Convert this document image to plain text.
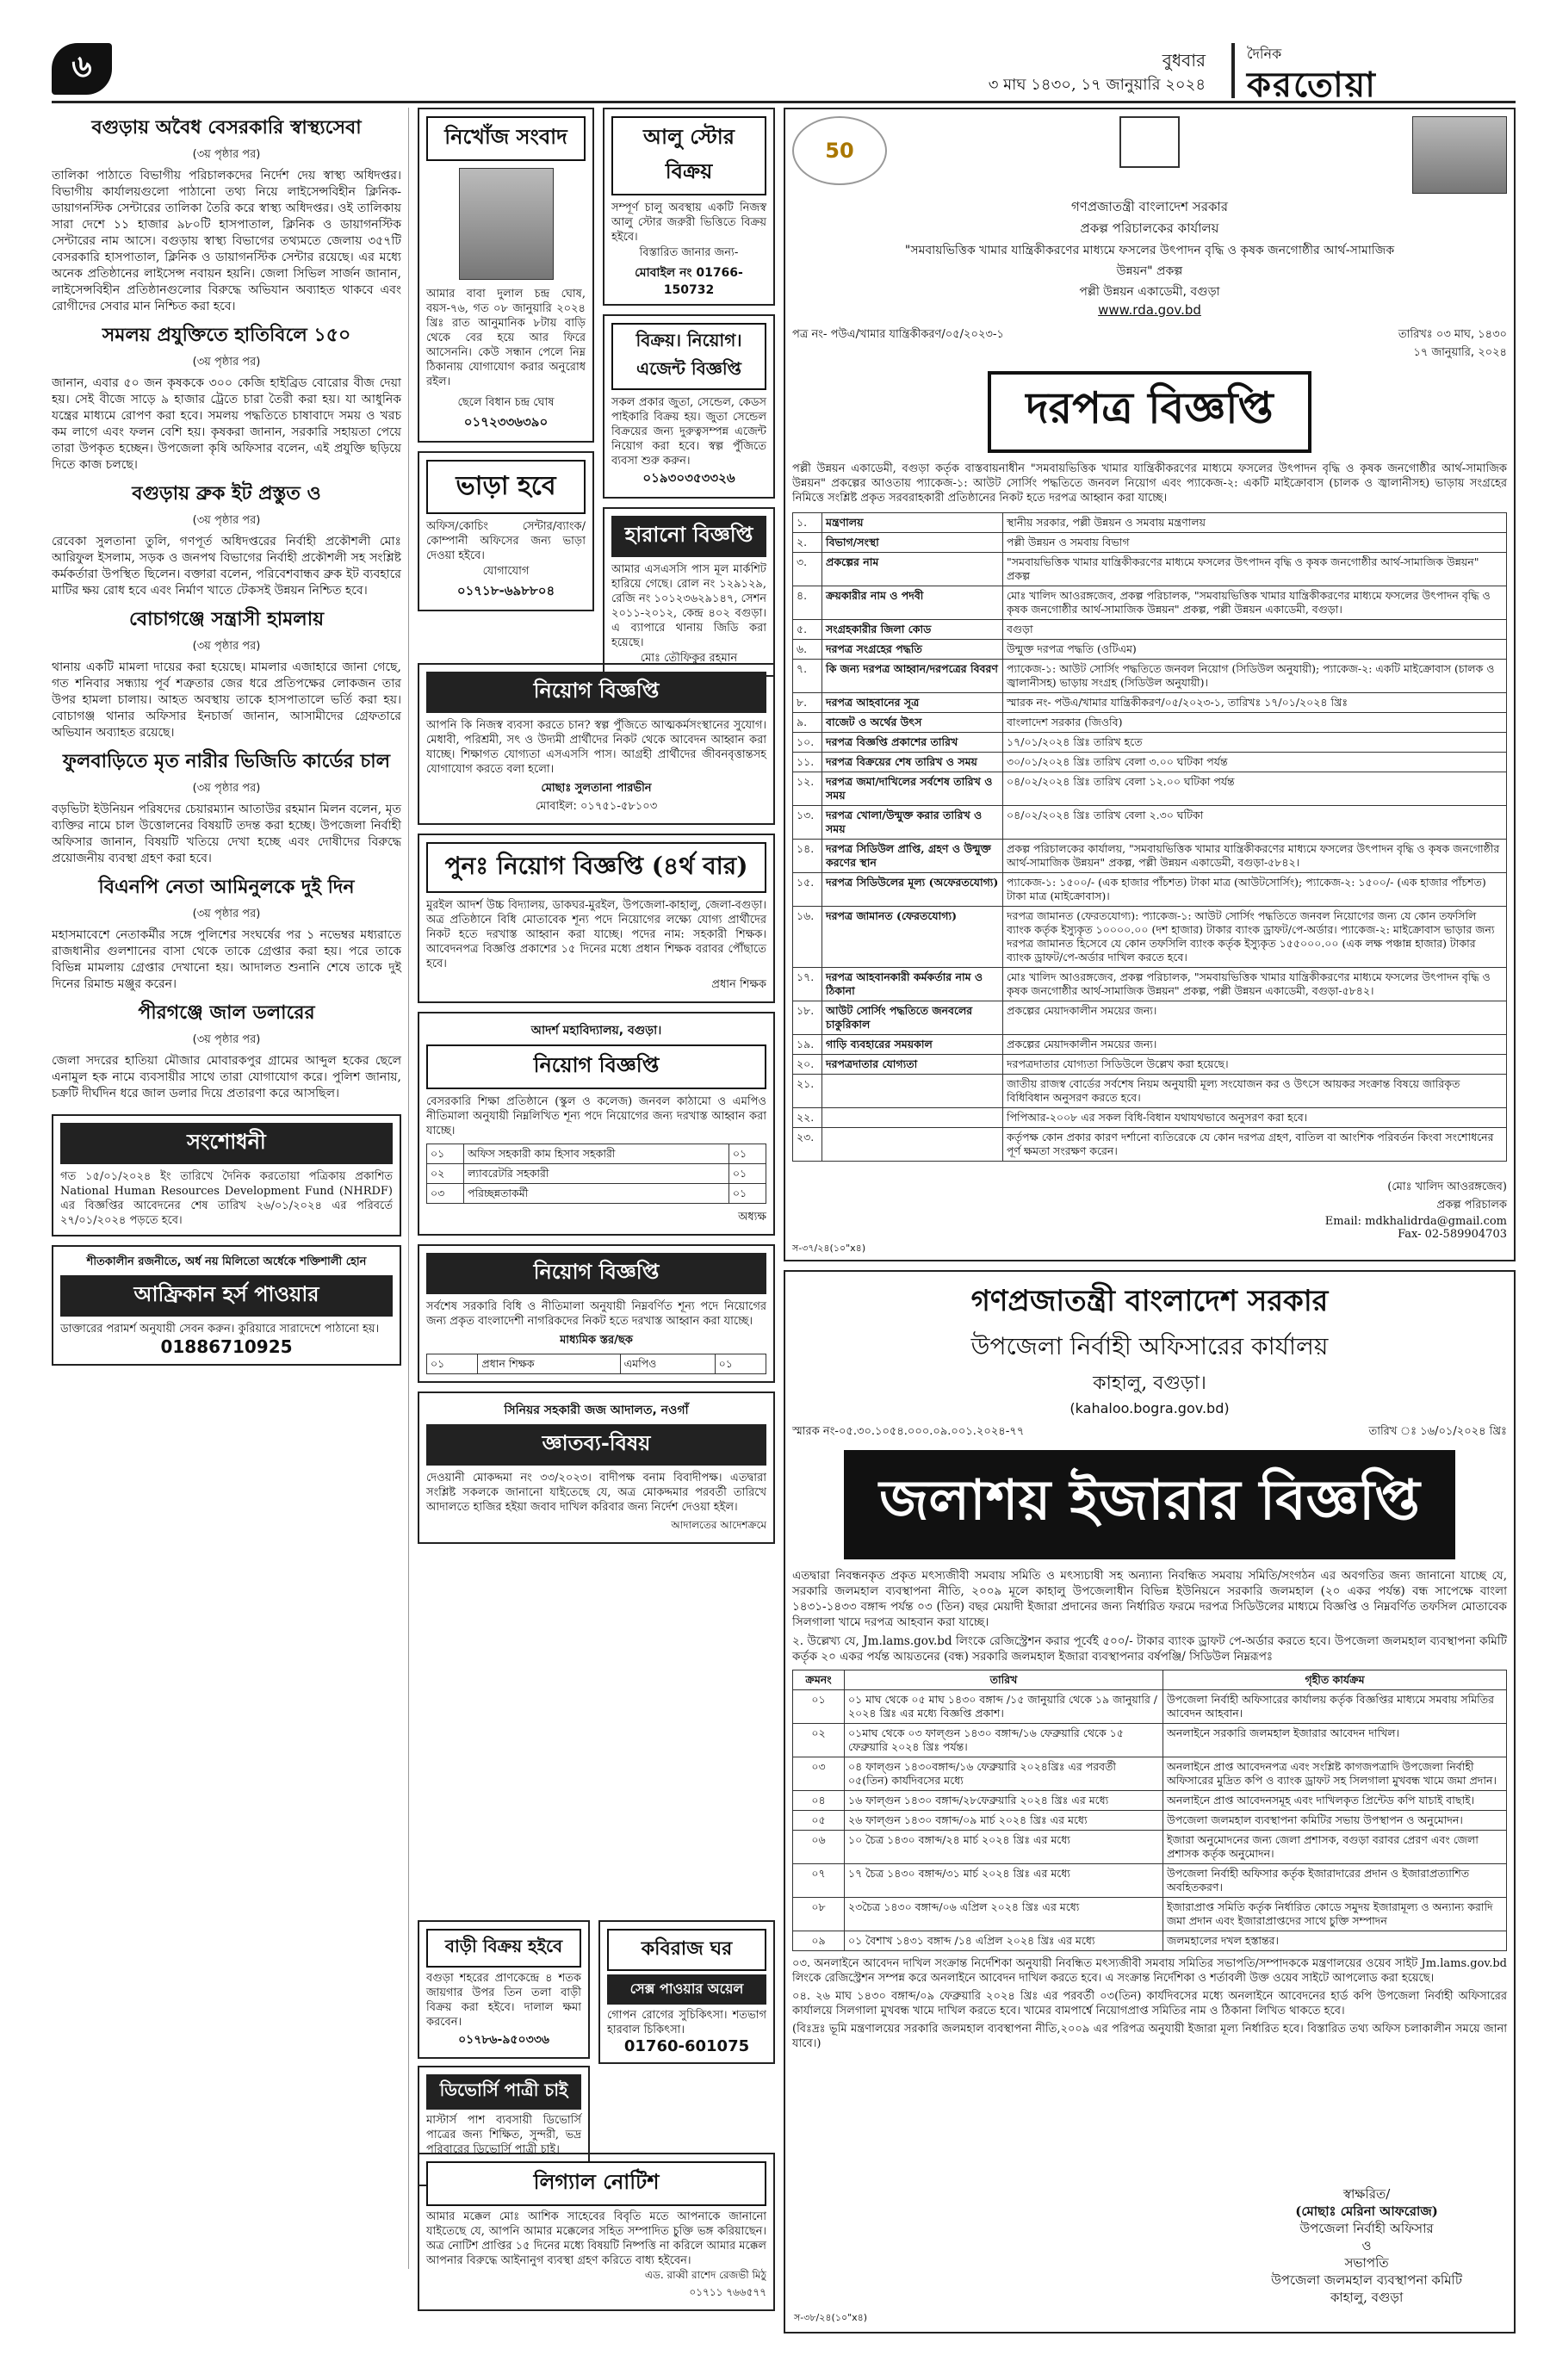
৬	বুধবার
৩ মাঘ ১৪৩০, ১৭ জানুয়ারি ২০২৪
দৈনিক
করতোয়া
বগুড়ায় অবৈধ বেসরকারি স্বাস্থ্যসেবা
(৩য় পৃষ্ঠার পর)

তালিকা পাঠাতে বিভাগীয় পরিচালকদের নির্দেশ দেয় স্বাস্থ্য অধিদপ্তর। বিভাগীয় কার্যালয়গুলো পাঠানো তথ্য নিয়ে লাইসেন্সবিহীন ক্লিনিক-ডায়াগনস্টিক সেন্টারের তালিকা তৈরি করে স্বাস্থ্য অধিদপ্তর। ওই তালিকায় সারা দেশে ১১ হাজার ৯৮০টি হাসপাতাল, ক্লিনিক ও ডায়াগনস্টিক সেন্টারের নাম আসে। বগুড়ায় স্বাস্থ্য বিভাগের তথ্যমতে জেলায় ৩৫৭টি বেসরকারি হাসপাতাল, ক্লিনিক ও ডায়াগনস্টিক সেন্টার রয়েছে। এর মধ্যে অনেক প্রতিষ্ঠানের লাইসেন্স নবায়ন হয়নি। জেলা সিভিল সার্জন জানান, লাইসেন্সবিহীন প্রতিষ্ঠানগুলোর বিরুদ্ধে অভিযান অব্যাহত থাকবে এবং রোগীদের সেবার মান নিশ্চিত করা হবে।

সমলয় প্রযুক্তিতে হাতিবিলে ১৫০
(৩য় পৃষ্ঠার পর)

জানান, এবার ৫০ জন কৃষককে ৩০০ কেজি হাইব্রিড বোরোর বীজ দেয়া হয়। সেই বীজে সাড়ে ৯ হাজার ট্রেতে চারা তৈরী করা হয়। যা আধুনিক যন্ত্রের মাধ্যমে রোপণ করা হবে। সমলয় পদ্ধতিতে চাষাবাদে সময় ও খরচ কম লাগে এবং ফলন বেশি হয়। কৃষকরা জানান, সরকারি সহায়তা পেয়ে তারা উপকৃত হচ্ছেন। উপজেলা কৃষি অফিসার বলেন, এই প্রযুক্তি ছড়িয়ে দিতে কাজ চলছে।

বগুড়ায় ব্রুক ইট প্রস্তুত ও
(৩য় পৃষ্ঠার পর)

রেবেকা সুলতানা তুলি, গণপূর্ত অধিদপ্তরের নির্বাহী প্রকৌশলী মোঃ আরিফুল ইসলাম, সড়ক ও জনপথ বিভাগের নির্বাহী প্রকৌশলী সহ সংশ্লিষ্ট কর্মকর্তারা উপস্থিত ছিলেন। বক্তারা বলেন, পরিবেশবান্ধব ব্রুক ইট ব্যবহারে মাটির ক্ষয় রোধ হবে এবং নির্মাণ খাতে টেকসই উন্নয়ন নিশ্চিত হবে।

বোচাগঞ্জে সন্ত্রাসী হামলায়
(৩য় পৃষ্ঠার পর)

থানায় একটি মামলা দায়ের করা হয়েছে। মামলার এজাহারে জানা গেছে, গত শনিবার সন্ধ্যায় পূর্ব শত্রুতার জের ধরে প্রতিপক্ষের লোকজন তার উপর হামলা চালায়। আহত অবস্থায় তাকে হাসপাতালে ভর্তি করা হয়। বোচাগঞ্জ থানার অফিসার ইনচার্জ জানান, আসামীদের গ্রেফতারে অভিযান অব্যাহত রয়েছে।

ফুলবাড়িতে মৃত নারীর ভিজিডি কার্ডের চাল
(৩য় পৃষ্ঠার পর)

বড়ভিটা ইউনিয়ন পরিষদের চেয়ারম্যান আতাউর রহমান মিলন বলেন, মৃত ব্যক্তির নামে চাল উত্তোলনের বিষয়টি তদন্ত করা হচ্ছে। উপজেলা নির্বাহী অফিসার জানান, বিষয়টি খতিয়ে দেখা হচ্ছে এবং দোষীদের বিরুদ্ধে প্রয়োজনীয় ব্যবস্থা গ্রহণ করা হবে।

বিএনপি নেতা আমিনুলকে দুই দিন
(৩য় পৃষ্ঠার পর)

মহাসমাবেশে নেতাকর্মীর সঙ্গে পুলিশের সংঘর্ষের পর ১ নভেম্বর মধ্যরাতে রাজধানীর গুলশানের বাসা থেকে তাকে গ্রেপ্তার করা হয়। পরে তাকে বিভিন্ন মামলায় গ্রেপ্তার দেখানো হয়। আদালত শুনানি শেষে তাকে দুই দিনের রিমান্ড মঞ্জুর করেন।

পীরগঞ্জে জাল ডলারের
(৩য় পৃষ্ঠার পর)

জেলা সদরের হাতিয়া মৌজার মোবারকপুর গ্রামের আব্দুল হকের ছেলে এনামুল হক নামে ব্যবসায়ীর সাথে তারা যোগাযোগ করে। পুলিশ জানায়, চক্রটি দীর্ঘদিন ধরে জাল ডলার দিয়ে প্রতারণা করে আসছিল।

সংশোধনী

গত ১৫/০১/২০২৪ ইং তারিখে দৈনিক করতোয়া পত্রিকায় প্রকাশিত National Human Resources Development Fund (NHRDF) এর বিজ্ঞপ্তির আবেদনের শেষ তারিখ ২৬/০১/২০২৪ এর পরিবর্তে ২৭/০১/২০২৪ পড়তে হবে।

শীতকালীন রজনীতে, অর্ধ নয় মিলিতো অর্ধেকে শক্তিশালী হোন
আফ্রিকান হর্স পাওয়ার

ডাক্তারের পরামর্শ অনুযায়ী সেবন করুন। কুরিয়ারে সারাদেশে পাঠানো হয়।

01886710925
নিখোঁজ সংবাদ

আমার বাবা দুলাল চন্দ্র ঘোষ, বয়স-৭৬, গত ০৮ জানুয়ারি ২০২৪ খ্রিঃ রাত আনুমানিক ৮টায় বাড়ি থেকে বের হয়ে আর ফিরে আসেননি। কেউ সন্ধান পেলে নিম্ন ঠিকানায় যোগাযোগ করার অনুরোধ রইল।

ছেলে বিধান চন্দ্র ঘোষ
০১৭২৩৩৬৩৯০
ভাড়া হবে

অফিস/কোচিং সেন্টার/ব্যাংক/কোম্পানী অফিসের জন্য ভাড়া দেওয়া হইবে।

যোগাযোগ
০১৭১৮-৬৯৮৮০৪
আলু স্টোর বিক্রয়

সম্পূর্ণ চালু অবস্থায় একটি নিজস্ব আলু স্টোর জরুরী ভিত্তিতে বিক্রয় হইবে।

বিস্তারিত জানার জন্য-
মোবাইল নং 01766-150732
বিক্রয়। নিয়োগ। এজেন্ট বিজ্ঞপ্তি

সকল প্রকার জুতা, সেন্ডেল, কেডস পাইকারি বিক্রয় হয়। জুতা সেন্ডেল বিক্রয়ের জন্য দুরুত্বসম্পন্ন এজেন্ট নিয়োগ করা হবে। স্বল্প পুঁজিতে ব্যবসা শুরু করুন।

০১৯৩০৩৫৩৩২৬
হারানো বিজ্ঞপ্তি

আমার এসএসসি পাস মূল মার্কশিট হারিয়ে গেছে। রোল নং ১২৯১২৯, রেজি নং ১০১২৩৬২৯১৪৭, সেশন ২০১১-২০১২, কেন্দ্র ৪০২ বগুড়া। এ ব্যাপারে থানায় জিডি করা হয়েছে।

মোঃ তৌফিকুর রহমান
নিয়োগ বিজ্ঞপ্তি

আপনি কি নিজস্ব ব্যবসা করতে চান? স্বল্প পুঁজিতে আত্মকর্মসংস্থানের সুযোগ। মেধাবী, পরিশ্রমী, সৎ ও উদ্যমী প্রার্থীদের নিকট থেকে আবেদন আহ্বান করা যাচ্ছে। শিক্ষাগত যোগ্যতা এসএসসি পাস। আগ্রহী প্রার্থীদের জীবনবৃত্তান্তসহ যোগাযোগ করতে বলা হলো।

মোছাঃ সুলতানা পারভীন
মোবাইল: ০১৭৫১-৫৮১০৩
পুনঃ নিয়োগ বিজ্ঞপ্তি (৪র্থ বার)

মুরইল আদর্শ উচ্চ বিদ্যালয়, ডাকঘর-মুরইল, উপজেলা-কাহালু, জেলা-বগুড়া। অত্র প্রতিষ্ঠানে বিধি মোতাবেক শূন্য পদে নিয়োগের লক্ষ্যে যোগ্য প্রার্থীদের নিকট হতে দরখাস্ত আহ্বান করা যাচ্ছে। পদের নাম: সহকারী শিক্ষক। আবেদনপত্র বিজ্ঞপ্তি প্রকাশের ১৫ দিনের মধ্যে প্রধান শিক্ষক বরাবর পৌঁছাতে হবে।

প্রধান শিক্ষক
আদর্শ মহাবিদ্যালয়, বগুড়া।
নিয়োগ বিজ্ঞপ্তি

বেসরকারি শিক্ষা প্রতিষ্ঠানে (স্কুল ও কলেজ) জনবল কাঠামো ও এমপিও নীতিমালা অনুযায়ী নিম্নলিখিত শূন্য পদে নিয়োগের জন্য দরখাস্ত আহ্বান করা যাচ্ছে।

০১	অফিস সহকারী কাম হিসাব সহকারী	০১
০২	ল্যাবরেটরি সহকারী	০১
০৩	পরিচ্ছন্নতাকর্মী	০১
অধ্যক্ষ
নিয়োগ বিজ্ঞপ্তি

সর্বশেষ সরকারি বিধি ও নীতিমালা অনুযায়ী নিম্নবর্ণিত শূন্য পদে নিয়োগের জন্য প্রকৃত বাংলাদেশী নাগরিকদের নিকট হতে দরখাস্ত আহ্বান করা যাচ্ছে।

মাধ্যমিক স্তর/ছক
০১	প্রধান শিক্ষক	এমপিও	০১
সিনিয়র সহকারী জজ আদালত, নওগাঁ
জ্ঞাতব্য-বিষয়

দেওয়ানী মোকদ্দমা নং ৩৩/২০২৩। বাদীপক্ষ বনাম বিবাদীপক্ষ। এতদ্বারা সংশ্লিষ্ট সকলকে জানানো যাইতেছে যে, অত্র মোকদ্দমার পরবর্তী তারিখে আদালতে হাজির হইয়া জবাব দাখিল করিবার জন্য নির্দেশ দেওয়া হইল।

আদালতের আদেশক্রমে
বাড়ী বিক্রয় হইবে

বগুড়া শহরের প্রাণকেন্দ্রে ৪ শতক জায়গার উপর তিন তলা বাড়ী বিক্রয় করা হইবে। দালাল ক্ষমা করবেন।

০১৭৮৬-৯৫০৩৩৬
ডিভোর্সি পাত্রী চাই

মাস্টার্স পাশ ব্যবসায়ী ডিভোর্সি পাত্রের জন্য শিক্ষিত, সুন্দরী, ভদ্র পরিবারের ডিভোর্সি পাত্রী চাই।

কবিরাজ ঘর
সেক্স পাওয়ার অয়েল

গোপন রোগের সুচিকিৎসা। শতভাগ হারবাল চিকিৎসা।

01760-601075
লিগ্যাল নোটিশ

আমার মক্কেল মোঃ আশিক সাহেবের বিবৃতি মতে আপনাকে জানানো যাইতেছে যে, আপনি আমার মক্কেলের সহিত সম্পাদিত চুক্তি ভঙ্গ করিয়াছেন। অত্র নোটিশ প্রাপ্তির ১৫ দিনের মধ্যে বিষয়টি নিষ্পত্তি না করিলে আমার মক্কেল আপনার বিরুদ্ধে আইনানুগ ব্যবস্থা গ্রহণ করিতে বাধ্য হইবেন।

এড. রাব্বী রাশেদ রেজভী মিঠু
০১৭১১ ৭৬৬৫৭৭
50
গণপ্রজাতন্ত্রী বাংলাদেশ সরকার
প্রকল্প পরিচালকের কার্যালয়
"সমবায়ভিত্তিক খামার যান্ত্রিকীকরণের মাধ্যমে ফসলের উৎপাদন বৃদ্ধি ও কৃষক জনগোষ্ঠীর আর্থ-সামাজিক উন্নয়ন" প্রকল্প
পল্লী উন্নয়ন একাডেমী, বগুড়া
www.rda.gov.bd
পত্র নং- পউএ/খামার যান্ত্রিকীকরণ/০৫/২০২৩-১	তারিখঃ ০৩ মাঘ, ১৪৩০
১৭ জানুয়ারি, ২০২৪
দরপত্র বিজ্ঞপ্তি

পল্লী উন্নয়ন একাডেমী, বগুড়া কর্তৃক বাস্তবায়নাধীন "সমবায়ভিত্তিক খামার যান্ত্রিকীকরণের মাধ্যমে ফসলের উৎপাদন বৃদ্ধি ও কৃষক জনগোষ্ঠীর আর্থ-সামাজিক উন্নয়ন" প্রকল্পের আওতায় প্যাকেজ-১: আউট সোর্সিং পদ্ধতিতে জনবল নিয়োগ এবং প্যাকেজ-২: একটি মাইক্রোবাস (চালক ও জ্বালানীসহ) ভাড়ায় সংগ্রহের নিমিত্তে সংশ্লিষ্ট প্রকৃত সরবরাহকারী প্রতিষ্ঠানের নিকট হতে দরপত্র আহ্বান করা যাচ্ছে।

১.	মন্ত্রণালয়	স্থানীয় সরকার, পল্লী উন্নয়ন ও সমবায় মন্ত্রণালয়
২.	বিভাগ/সংস্থা	পল্লী উন্নয়ন ও সমবায় বিভাগ
৩.	প্রকল্পের নাম	"সমবায়ভিত্তিক খামার যান্ত্রিকীকরণের মাধ্যমে ফসলের উৎপাদন বৃদ্ধি ও কৃষক জনগোষ্ঠীর আর্থ-সামাজিক উন্নয়ন" প্রকল্প
৪.	ক্রয়কারীর নাম ও পদবী	মোঃ খালিদ আওরঙ্গজেব, প্রকল্প পরিচালক, "সমবায়ভিত্তিক খামার যান্ত্রিকীকরণের মাধ্যমে ফসলের উৎপাদন বৃদ্ধি ও কৃষক জনগোষ্ঠীর আর্থ-সামাজিক উন্নয়ন" প্রকল্প, পল্লী উন্নয়ন একাডেমী, বগুড়া।
৫.	সংগ্রহকারীর জিলা কোড	বগুড়া
৬.	দরপত্র সংগ্রহের পদ্ধতি	উন্মুক্ত দরপত্র পদ্ধতি (ওটিএম)
৭.	কি জন্য দরপত্র আহ্বান/দরপত্রের বিবরণ	প্যাকেজ-১: আউট সোর্সিং পদ্ধতিতে জনবল নিয়োগ (সিডিউল অনুযায়ী); প্যাকেজ-২: একটি মাইক্রোবাস (চালক ও জ্বালানীসহ) ভাড়ায় সংগ্রহ (সিডিউল অনুযায়ী)।
৮.	দরপত্র আহবানের সূত্র	স্মারক নং- পউএ/খামার যান্ত্রিকীকরণ/০৫/২০২৩-১, তারিখঃ ১৭/০১/২০২৪ খ্রিঃ
৯.	বাজেট ও অর্থের উৎস	বাংলাদেশ সরকার (জিওবি)
১০.	দরপত্র বিজ্ঞপ্তি প্রকাশের তারিখ	১৭/০১/২০২৪ খ্রিঃ তারিখ হতে
১১.	দরপত্র বিক্রয়ের শেষ তারিখ ও সময়	৩০/০১/২০২৪ খ্রিঃ তারিখ বেলা ৩.০০ ঘটিকা পর্যন্ত
১২.	দরপত্র জমা/দাখিলের সর্বশেষ তারিখ ও সময়	০৪/০২/২০২৪ খ্রিঃ তারিখ বেলা ১২.০০ ঘটিকা পর্যন্ত
১৩.	দরপত্র খোলা/উন্মুক্ত করার তারিখ ও সময়	০৪/০২/২০২৪ খ্রিঃ তারিখ বেলা ২.৩০ ঘটিকা
১৪.	দরপত্র সিডিউল প্রাপ্তি, গ্রহণ ও উন্মুক্ত করণের স্থান	প্রকল্প পরিচালকের কার্যালয়, "সমবায়ভিত্তিক খামার যান্ত্রিকীকরণের মাধ্যমে ফসলের উৎপাদন বৃদ্ধি ও কৃষক জনগোষ্ঠীর আর্থ-সামাজিক উন্নয়ন" প্রকল্প, পল্লী উন্নয়ন একাডেমী, বগুড়া-৫৮৪২।
১৫.	দরপত্র সিডিউলের মূল্য (অফেরতযোগ্য)	প্যাকেজ-১: ১৫০০/- (এক হাজার পাঁচশত) টাকা মাত্র (আউটসোর্সিং); প্যাকেজ-২: ১৫০০/- (এক হাজার পাঁচশত) টাকা মাত্র (মাইক্রোবাস)।
১৬.	দরপত্র জামানত (ফেরতযোগ্য)	দরপত্র জামানত (ফেরতযোগ্য): প্যাকেজ-১: আউট সোর্সিং পদ্ধতিতে জনবল নিয়োগের জন্য যে কোন তফসিলি ব্যাংক কর্তৃক ইস্যুকৃত ১০০০০.০০ (দশ হাজার) টাকার ব্যাংক ড্রাফট/পে-অর্ডার। প্যাকেজ-২: মাইক্রোবাস ভাড়ার জন্য দরপত্র জামানত হিসেবে যে কোন তফসিলি ব্যাংক কর্তৃক ইস্যুকৃত ১৫৫০০০.০০ (এক লক্ষ পঞ্চান্ন হাজার) টাকার ব্যাংক ড্রাফট/পে-অর্ডার দাখিল করতে হবে।
১৭.	দরপত্র আহবানকারী কর্মকর্তার নাম ও ঠিকানা	মোঃ খালিদ আওরঙ্গজেব, প্রকল্প পরিচালক, "সমবায়ভিত্তিক খামার যান্ত্রিকীকরণের মাধ্যমে ফসলের উৎপাদন বৃদ্ধি ও কৃষক জনগোষ্ঠীর আর্থ-সামাজিক উন্নয়ন" প্রকল্প, পল্লী উন্নয়ন একাডেমী, বগুড়া-৫৮৪২।
১৮.	আউট সোর্সিং পদ্ধতিতে জনবলের চাকুরিকাল	প্রকল্পের মেয়াদকালীন সময়ের জন্য।
১৯.	গাড়ি ব্যবহারের সময়কাল	প্রকল্পের মেয়াদকালীন সময়ের জন্য।
২০.	দরপত্রদাতার যোগ্যতা	দরপত্রদাতার যোগ্যতা সিডিউলে উল্লেখ করা হয়েছে।
২১.		জাতীয় রাজস্ব বোর্ডের সর্বশেষ নিয়ম অনুযায়ী মূল্য সংযোজন কর ও উৎসে আয়কর সংক্রান্ত বিষয়ে জারিকৃত বিধিবিধান অনুসরণ করতে হবে।
২২.		পিপিআর-২০০৮ এর সকল বিধি-বিধান যথাযথভাবে অনুসরণ করা হবে।
২৩.		কর্তৃপক্ষ কোন প্রকার কারণ দর্শানো ব্যতিরেকে যে কোন দরপত্র গ্রহণ, বাতিল বা আংশিক পরিবর্তন কিংবা সংশোধনের পূর্ণ ক্ষমতা সংরক্ষণ করেন।
(মোঃ খালিদ আওরঙ্গজেব)
প্রকল্প পরিচালক
Email: mdkhalidrda@gmail.com
Fax- 02-589904703
স-৩৭/২৪(১০"x৪)
গণপ্রজাতন্ত্রী বাংলাদেশ সরকার
উপজেলা নির্বাহী অফিসারের কার্যালয়
কাহালু, বগুড়া।
(kahaloo.bogra.gov.bd)
স্মারক নং-০৫.৩০.১০৫৪.০০০.০৯.০০১.২০২৪-৭৭	তারিখ ঃ ১৬/০১/২০২৪ খ্রিঃ
জলাশয় ইজারার বিজ্ঞপ্তি

এতদ্বারা নিবন্ধনকৃত প্রকৃত মৎস্যজীবী সমবায় সমিতি ও মৎস্যচাষী সহ অন্যান্য নিবন্ধিত সমবায় সমিতি/সংগঠন এর অবগতির জন্য জানানো যাচ্ছে যে, সরকারি জলমহাল ব্যবস্থাপনা নীতি, ২০০৯ মূলে কাহালু উপজেলাধীন বিভিন্ন ইউনিয়নে সরকারি জলমহাল (২০ একর পর্যন্ত) বন্ধ সাপেক্ষে বাংলা ১৪৩১-১৪৩৩ বঙ্গাব্দ পর্যন্ত ০৩ (তিন) বছর মেয়াদী ইজারা প্রদানের জন্য নির্ধারিত ফরমে দরপত্র সিডিউলের মাধ্যমে বিজ্ঞপ্তি ও নিম্নবর্ণিত তফসিল মোতাবেক সিলগালা খামে দরপত্র আহবান করা যাচ্ছে।

২. উল্লেখ্য যে, Jm.lams.gov.bd লিংকে রেজিস্ট্রেশন করার পূর্বেই ৫০০/- টাকার ব্যাংক ড্রাফট পে-অর্ডার করতে হবে। উপজেলা জলমহাল ব্যবস্থাপনা কমিটি কর্তৃক ২০ একর পর্যন্ত আয়তনের (বন্ধ) সরকারি জলমহাল ইজারা ব্যবস্থাপনার বর্ষপঞ্জি/ সিডিউল নিম্নরূপঃ

ক্রমনং	তারিখ	গৃহীত কার্যক্রম
০১	০১ মাঘ থেকে ০৫ মাঘ ১৪৩০ বঙ্গাব্দ /১৫ জানুয়ারি থেকে ১৯ জানুয়ারি /২০২৪ খ্রিঃ এর মধ্যে বিজ্ঞপ্তি প্রকাশ।	উপজেলা নির্বাহী অফিসারের কার্যালয় কর্তৃক বিজ্ঞপ্তির মাধ্যমে সমবায় সমিতির আবেদন আহবান।
০২	০১মাঘ থেকে ০৩ ফাল্গুন ১৪৩০ বঙ্গাব্দ/১৬ ফেব্রুয়ারি থেকে ১৫ ফেব্রুয়ারি ২০২৪ খ্রিঃ পর্যন্ত।	অনলাইনে সরকারি জলমহাল ইজারার আবেদন দাখিল।
০৩	০৪ ফাল্গুন ১৪৩০বঙ্গাব্দ/১৬ ফেব্রুয়ারি ২০২৪খ্রিঃ এর পরবর্তী ০৫(তিন) কার্যদিবসের মধ্যে	অনলাইনে প্রাপ্ত আবেদনপত্র এবং সংশ্লিষ্ট কাগজপত্রাদি উপজেলা নির্বাহী অফিসারের মুদ্রিত কপি ও ব্যাংক ড্রাফট সহ সিলগালা মুখবন্ধ খামে জমা প্রদান।
০৪	১৬ ফাল্গুন ১৪৩০ বঙ্গাব্দ/২৮ফেব্রুয়ারি ২০২৪ খ্রিঃ এর মধ্যে	অনলাইনে প্রাপ্ত আবেদনসমূহ এবং দাখিলকৃত প্রিন্টেড কপি যাচাই বাছাই।
০৫	২৬ ফাল্গুন ১৪৩০ বঙ্গাব্দ/০৯ মার্চ ২০২৪ খ্রিঃ এর মধ্যে	উপজেলা জলমহাল ব্যবস্থাপনা কমিটির সভায় উপস্থাপন ও অনুমোদন।
০৬	১০ চৈত্র ১৪৩০ বঙ্গাব্দ/২৪ মার্চ ২০২৪ খ্রিঃ এর মধ্যে	ইজারা অনুমোদনের জন্য জেলা প্রশাসক, বগুড়া বরাবর প্রেরণ এবং জেলা প্রশাসক কর্তৃক অনুমোদন।
০৭	১৭ চৈত্র ১৪৩০ বঙ্গাব্দ/৩১ মার্চ ২০২৪ খ্রিঃ এর মধ্যে	উপজেলা নির্বাহী অফিসার কর্তৃক ইজারাদারের প্রদান ও ইজারাপ্রত্যাশিত অবহিতকরণ।
০৮	২৩চৈত্র ১৪৩০ বঙ্গাব্দ/০৬ এপ্রিল ২০২৪ খ্রিঃ এর মধ্যে	ইজারাপ্রাপ্ত সমিতি কর্তৃক নির্ধারিত কোডে সমুদয় ইজারামূল্য ও অন্যান্য করাদি জমা প্রদান এবং ইজারাপ্রাপ্তদের সাথে চুক্তি সম্পাদন
০৯	০১ বৈশাখ ১৪৩১ বঙ্গাব্দ /১৪ এপ্রিল ২০২৪ খ্রিঃ এর মধ্যে	জলমহালের দখল হস্তান্তর।

০৩. অনলাইনে আবেদন দাখিল সংক্রান্ত নির্দেশিকা অনুযায়ী নিবন্ধিত মৎস্যজীবী সমবায় সমিতির সভাপতি/সম্পাদককে মন্ত্রণালয়ের ওয়েব সাইট Jm.lams.gov.bd লিংকে রেজিস্ট্রেশন সম্পন্ন করে অনলাইনে আবেদন দাখিল করতে হবে। এ সংক্রান্ত নির্দেশিকা ও শর্তাবলী উক্ত ওয়েব সাইটে আপলোড করা হয়েছে।

০৪. ২৬ মাঘ ১৪৩০ বঙ্গাব্দ/০৯ ফেব্রুয়ারি ২০২৪ খ্রিঃ এর পরবর্তী ০৩(তিন) কার্যদিবসের মধ্যে অনলাইনে আবেদনের হার্ড কপি উপজেলা নির্বাহী অফিসারের কার্যালয়ে সিলগালা মুখবন্ধ খামে দাখিল করতে হবে। খামের বামপার্শ্বে নিয়োগপ্রাপ্ত সমিতির নাম ও ঠিকানা লিখিত থাকতে হবে।

(বিঃদ্রঃ ভূমি মন্ত্রণালয়ের সরকারি জলমহাল ব্যবস্থাপনা নীতি,২০০৯ এর পরিপত্র অনুযায়ী ইজারা মূল্য নির্ধারিত হবে। বিস্তারিত তথ্য অফিস চলাকালীন সময়ে জানা যাবে।)

স্বাক্ষরিত/
(মোছাঃ মেরিনা আফরোজ)
উপজেলা নির্বাহী অফিসার
ও
সভাপতি
উপজেলা জলমহাল ব্যবস্থাপনা কমিটি
কাহালু, বগুড়া
স-৩৮/২৪(১০"x৪)
